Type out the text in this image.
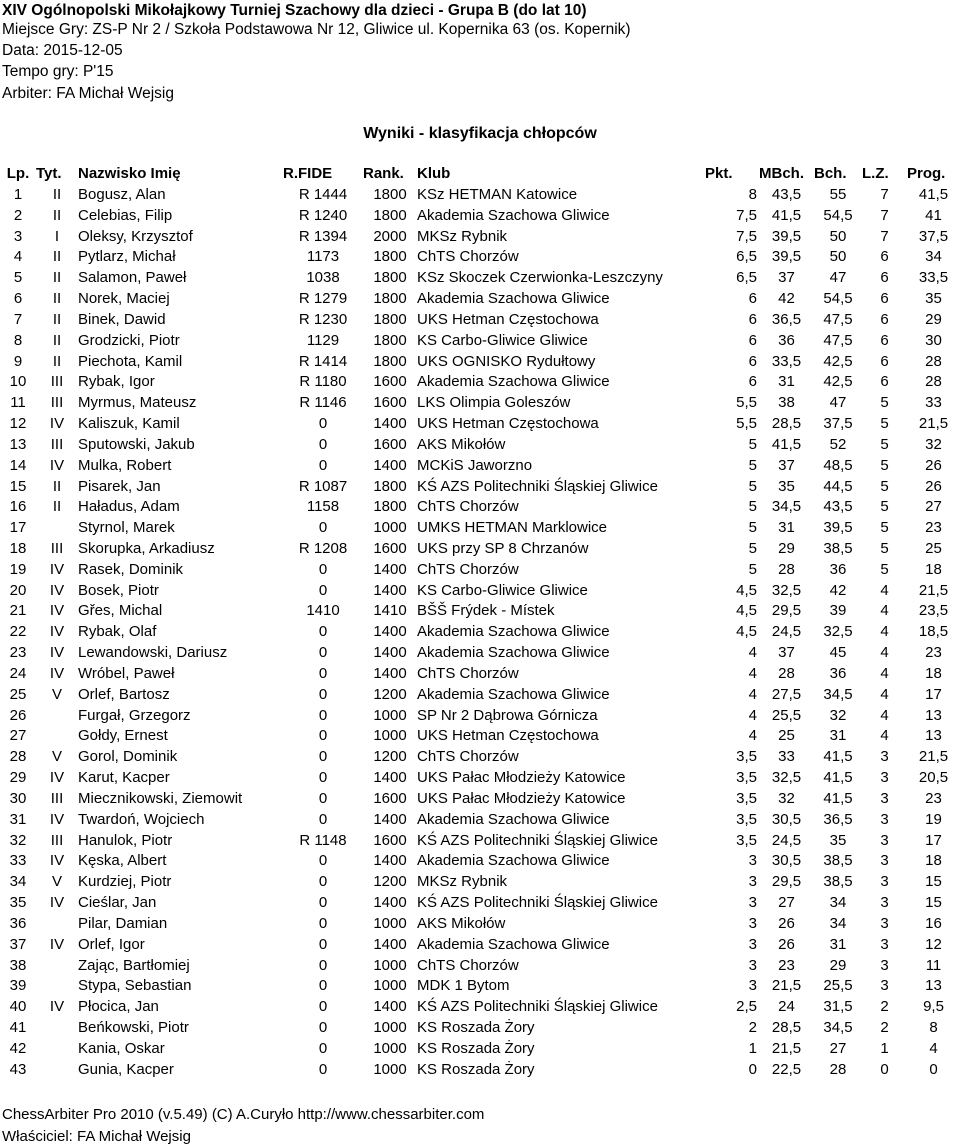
XIV Ogólnopolski Mikołajkowy Turniej Szachowy dla dzieci - Grupa B (do lat 10)
Miejsce Gry: ZS-P Nr 2 / Szkoła Podstawowa Nr 12, Gliwice ul. Kopernika 63 (os. Kopernik)
Data: 2015-12-05
Tempo gry: P'15
Arbiter: FA Michał Wejsig
Wyniki - klasyfikacja chłopców
Lp.	Tyt.	Nazwisko Imię	R.FIDE	Rank.	Klub	Pkt.	MBch.	Bch.	L.Z.	Prog.
1	II	Bogusz, Alan	R 1444	1800	KSz HETMAN Katowice	8	43,5	55	7	41,5
2	II	Celebias, Filip	R 1240	1800	Akademia Szachowa Gliwice	7,5	41,5	54,5	7	41
3	I	Oleksy, Krzysztof	R 1394	2000	MKSz Rybnik	7,5	39,5	50	7	37,5
4	II	Pytlarz, Michał	1173	1800	ChTS Chorzów	6,5	39,5	50	6	34
5	II	Salamon, Paweł	1038	1800	KSz Skoczek Czerwionka-Leszczyny	6,5	37	47	6	33,5
6	II	Norek, Maciej	R 1279	1800	Akademia Szachowa Gliwice	6	42	54,5	6	35
7	II	Binek, Dawid	R 1230	1800	UKS Hetman Częstochowa	6	36,5	47,5	6	29
8	II	Grodzicki, Piotr	1129	1800	KS Carbo-Gliwice Gliwice	6	36	47,5	6	30
9	II	Piechota, Kamil	R 1414	1800	UKS OGNISKO Rydułtowy	6	33,5	42,5	6	28
10	III	Rybak, Igor	R 1180	1600	Akademia Szachowa Gliwice	6	31	42,5	6	28
11	III	Myrmus, Mateusz	R 1146	1600	LKS Olimpia Goleszów	5,5	38	47	5	33
12	IV	Kaliszuk, Kamil	0	1400	UKS Hetman Częstochowa	5,5	28,5	37,5	5	21,5
13	III	Sputowski, Jakub	0	1600	AKS Mikołów	5	41,5	52	5	32
14	IV	Mulka, Robert	0	1400	MCKiS Jaworzno	5	37	48,5	5	26
15	II	Pisarek, Jan	R 1087	1800	KŚ AZS Politechniki Śląskiej Gliwice	5	35	44,5	5	26
16	II	Haładus, Adam	1158	1800	ChTS Chorzów	5	34,5	43,5	5	27
17		Styrnol, Marek	0	1000	UMKS HETMAN Marklowice	5	31	39,5	5	23
18	III	Skorupka, Arkadiusz	R 1208	1600	UKS przy SP 8 Chrzanów	5	29	38,5	5	25
19	IV	Rasek, Dominik	0	1400	ChTS Chorzów	5	28	36	5	18
20	IV	Bosek, Piotr	0	1400	KS Carbo-Gliwice Gliwice	4,5	32,5	42	4	21,5
21	IV	Gřes, Michal	1410	1410	BŠŠ Frýdek - Místek	4,5	29,5	39	4	23,5
22	IV	Rybak, Olaf	0	1400	Akademia Szachowa Gliwice	4,5	24,5	32,5	4	18,5
23	IV	Lewandowski, Dariusz	0	1400	Akademia Szachowa Gliwice	4	37	45	4	23
24	IV	Wróbel, Paweł	0	1400	ChTS Chorzów	4	28	36	4	18
25	V	Orlef, Bartosz	0	1200	Akademia Szachowa Gliwice	4	27,5	34,5	4	17
26		Furgał, Grzegorz	0	1000	SP Nr 2 Dąbrowa Górnicza	4	25,5	32	4	13
27		Gołdy, Ernest	0	1000	UKS Hetman Częstochowa	4	25	31	4	13
28	V	Gorol, Dominik	0	1200	ChTS Chorzów	3,5	33	41,5	3	21,5
29	IV	Karut, Kacper	0	1400	UKS Pałac Młodzieży Katowice	3,5	32,5	41,5	3	20,5
30	III	Miecznikowski, Ziemowit	0	1600	UKS Pałac Młodzieży Katowice	3,5	32	41,5	3	23
31	IV	Twardoń, Wojciech	0	1400	Akademia Szachowa Gliwice	3,5	30,5	36,5	3	19
32	III	Hanulok, Piotr	R 1148	1600	KŚ AZS Politechniki Śląskiej Gliwice	3,5	24,5	35	3	17
33	IV	Kęska, Albert	0	1400	Akademia Szachowa Gliwice	3	30,5	38,5	3	18
34	V	Kurdziej, Piotr	0	1200	MKSz Rybnik	3	29,5	38,5	3	15
35	IV	Cieślar, Jan	0	1400	KŚ AZS Politechniki Śląskiej Gliwice	3	27	34	3	15
36		Pilar, Damian	0	1000	AKS Mikołów	3	26	34	3	16
37	IV	Orlef, Igor	0	1400	Akademia Szachowa Gliwice	3	26	31	3	12
38		Zając, Bartłomiej	0	1000	ChTS Chorzów	3	23	29	3	11
39		Stypa, Sebastian	0	1000	MDK 1 Bytom	3	21,5	25,5	3	13
40	IV	Płocica, Jan	0	1400	KŚ AZS Politechniki Śląskiej Gliwice	2,5	24	31,5	2	9,5
41		Beńkowski, Piotr	0	1000	KS Roszada Żory	2	28,5	34,5	2	8
42		Kania, Oskar	0	1000	KS Roszada Żory	1	21,5	27	1	4
43		Gunia, Kacper	0	1000	KS Roszada Żory	0	22,5	28	0	0
ChessArbiter Pro 2010 (v.5.49) (C) A.Curyło http://www.chessarbiter.com
Właściciel: FA Michał Wejsig
